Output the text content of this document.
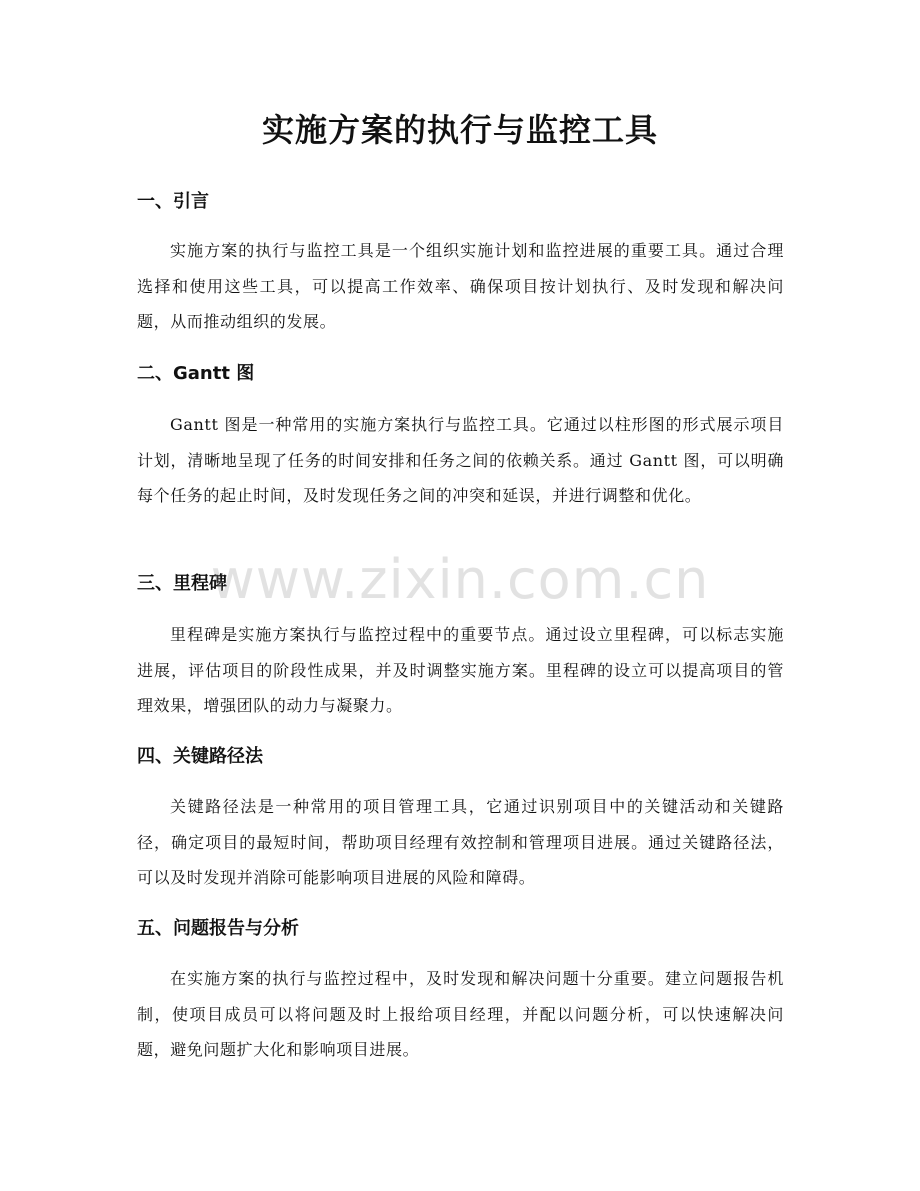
实施方案的执行与监控工具
一、引言
实施方案的执行与监控工具是一个组织实施计划和监控进展的重要工具。通过合理选择和使用这些工具，可以提高工作效率、确保项目按计划执行、及时发现和解决问题，从而推动组织的发展。
二、Gantt 图
Gantt 图是一种常用的实施方案执行与监控工具。它通过以柱形图的形式展示项目计划，清晰地呈现了任务的时间安排和任务之间的依赖关系。通过 Gantt 图，可以明确每个任务的起止时间，及时发现任务之间的冲突和延误，并进行调整和优化。
三、里程碑
里程碑是实施方案执行与监控过程中的重要节点。通过设立里程碑，可以标志实施进展，评估项目的阶段性成果，并及时调整实施方案。里程碑的设立可以提高项目的管理效果，增强团队的动力与凝聚力。
四、关键路径法
关键路径法是一种常用的项目管理工具，它通过识别项目中的关键活动和关键路径，确定项目的最短时间，帮助项目经理有效控制和管理项目进展。通过关键路径法，可以及时发现并消除可能影响项目进展的风险和障碍。
五、问题报告与分析
在实施方案的执行与监控过程中，及时发现和解决问题十分重要。建立问题报告机制，使项目成员可以将问题及时上报给项目经理，并配以问题分析，可以快速解决问题，避免问题扩大化和影响项目进展。
www.zixin.com.cn
